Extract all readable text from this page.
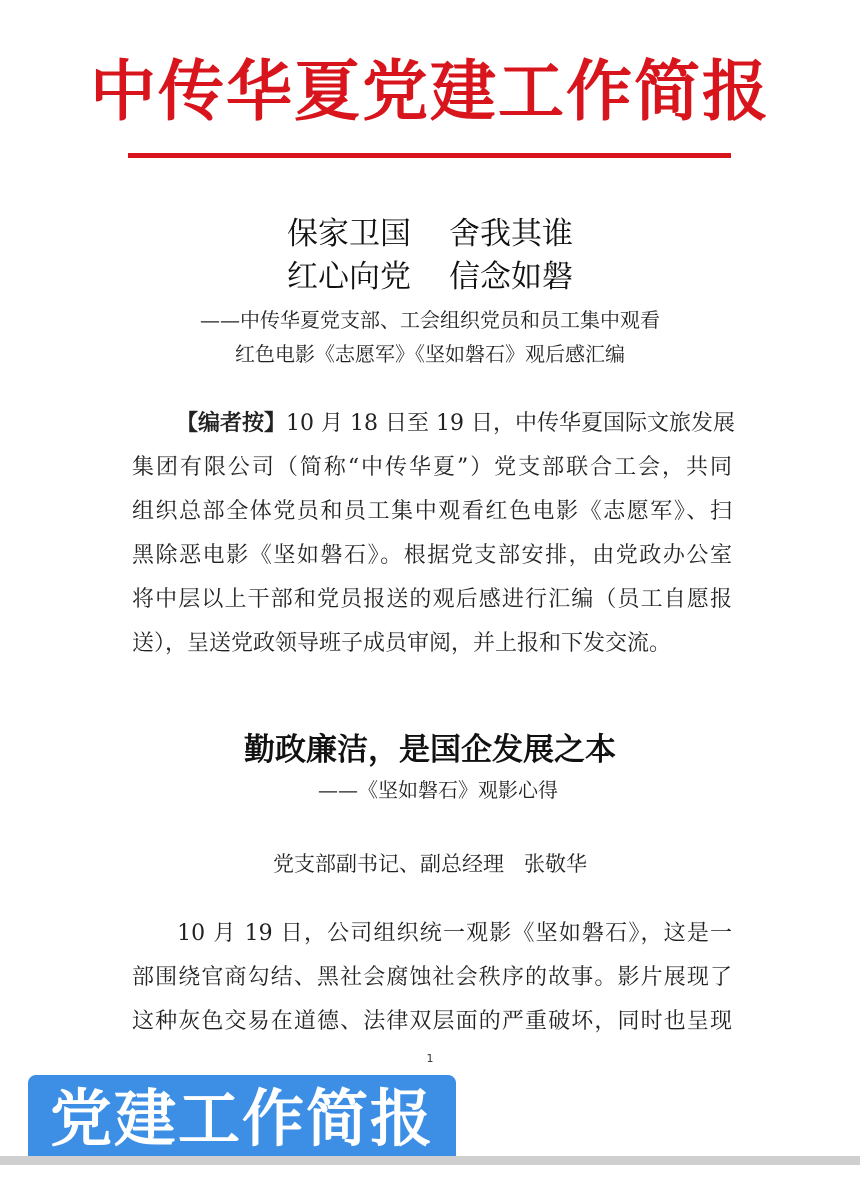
中传华夏党建工作简报
保家卫国 舍我其谁
红心向党 信念如磐
——中传华夏党支部、工会组织党员和员工集中观看
红色电影《志愿军》《坚如磐石》观后感汇编
【编者按】10 月 18 日至 19 日，中传华夏国际文旅发展
集团有限公司（简称“中传华夏”）党支部联合工会，共同
组织总部全体党员和员工集中观看红色电影《志愿军》、扫
黑除恶电影《坚如磐石》。根据党支部安排，由党政办公室
将中层以上干部和党员报送的观后感进行汇编（员工自愿报
送），呈送党政领导班子成员审阅，并上报和下发交流。
勤政廉洁，是国企发展之本
——《坚如磐石》观影心得
党支部副书记、副总经理 张敬华
　10 月 19 日，公司组织统一观影《坚如磐石》，这是一
部围绕官商勾结、黑社会腐蚀社会秩序的故事。影片展现了
这种灰色交易在道德、法律双层面的严重破坏，同时也呈现
1
党建工作简报
